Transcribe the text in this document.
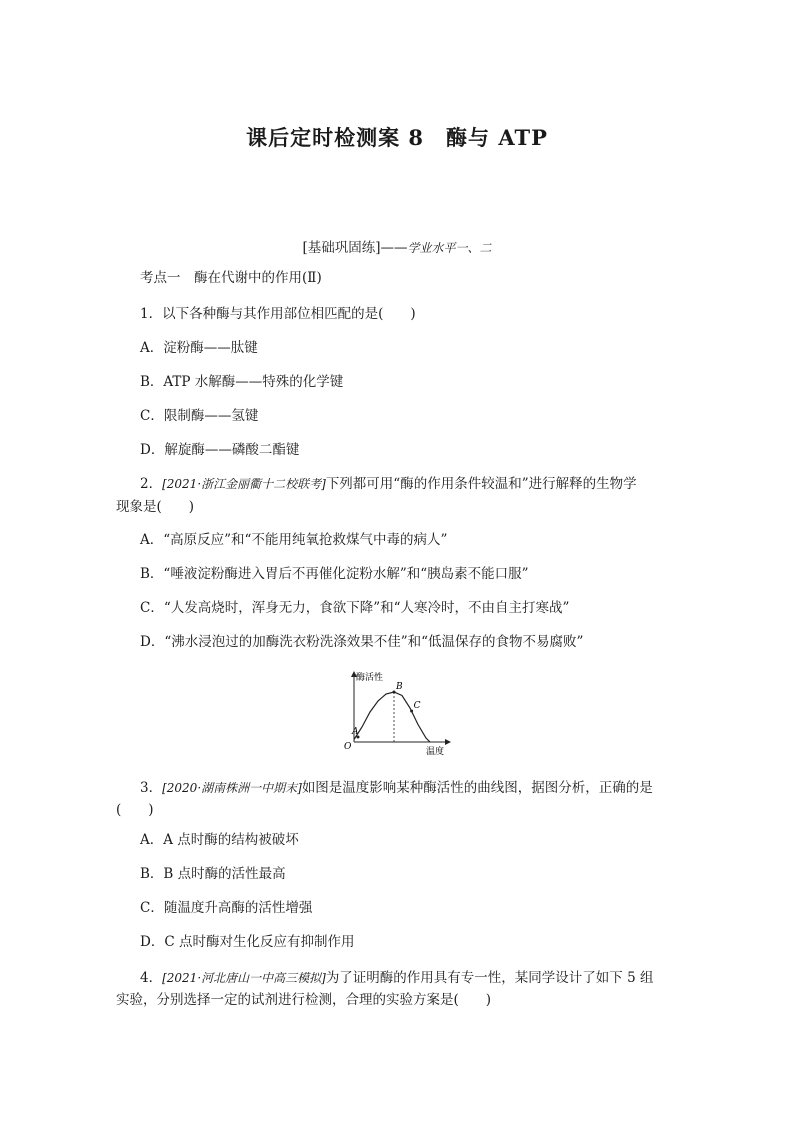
课后定时检测案 8　酶与 ATP
[基础巩固练]——学业水平一、二
考点一　酶在代谢中的作用(Ⅱ)
1．以下各种酶与其作用部位相匹配的是(　　)
A．淀粉酶——肽键
B．ATP 水解酶——特殊的化学键
C．限制酶——氢键
D．解旋酶——磷酸二酯键
2．[2021·浙江金丽衢十二校联考]下列都可用“酶的作用条件较温和”进行解释的生物学
现象是(　　)
A．“高原反应”和“不能用纯氧抢救煤气中毒的病人”
B．“唾液淀粉酶进入胃后不再催化淀粉水解”和“胰岛素不能口服”
C．“人发高烧时，浑身无力，食欲下降”和“人寒冷时，不由自主打寒战”
D．“沸水浸泡过的加酶洗衣粉洗涤效果不佳”和“低温保存的食物不易腐败”
酶活性
温度
O
A
B
C
3．[2020·湖南株洲一中期末]如图是温度影响某种酶活性的曲线图，据图分析，正确的是
(　　)
A．A 点时酶的结构被破坏
B．B 点时酶的活性最高
C．随温度升高酶的活性增强
D．C 点时酶对生化反应有抑制作用
4．[2021·河北唐山一中高三模拟]为了证明酶的作用具有专一性，某同学设计了如下 5 组
实验，分别选择一定的试剂进行检测，合理的实验方案是(　　)
